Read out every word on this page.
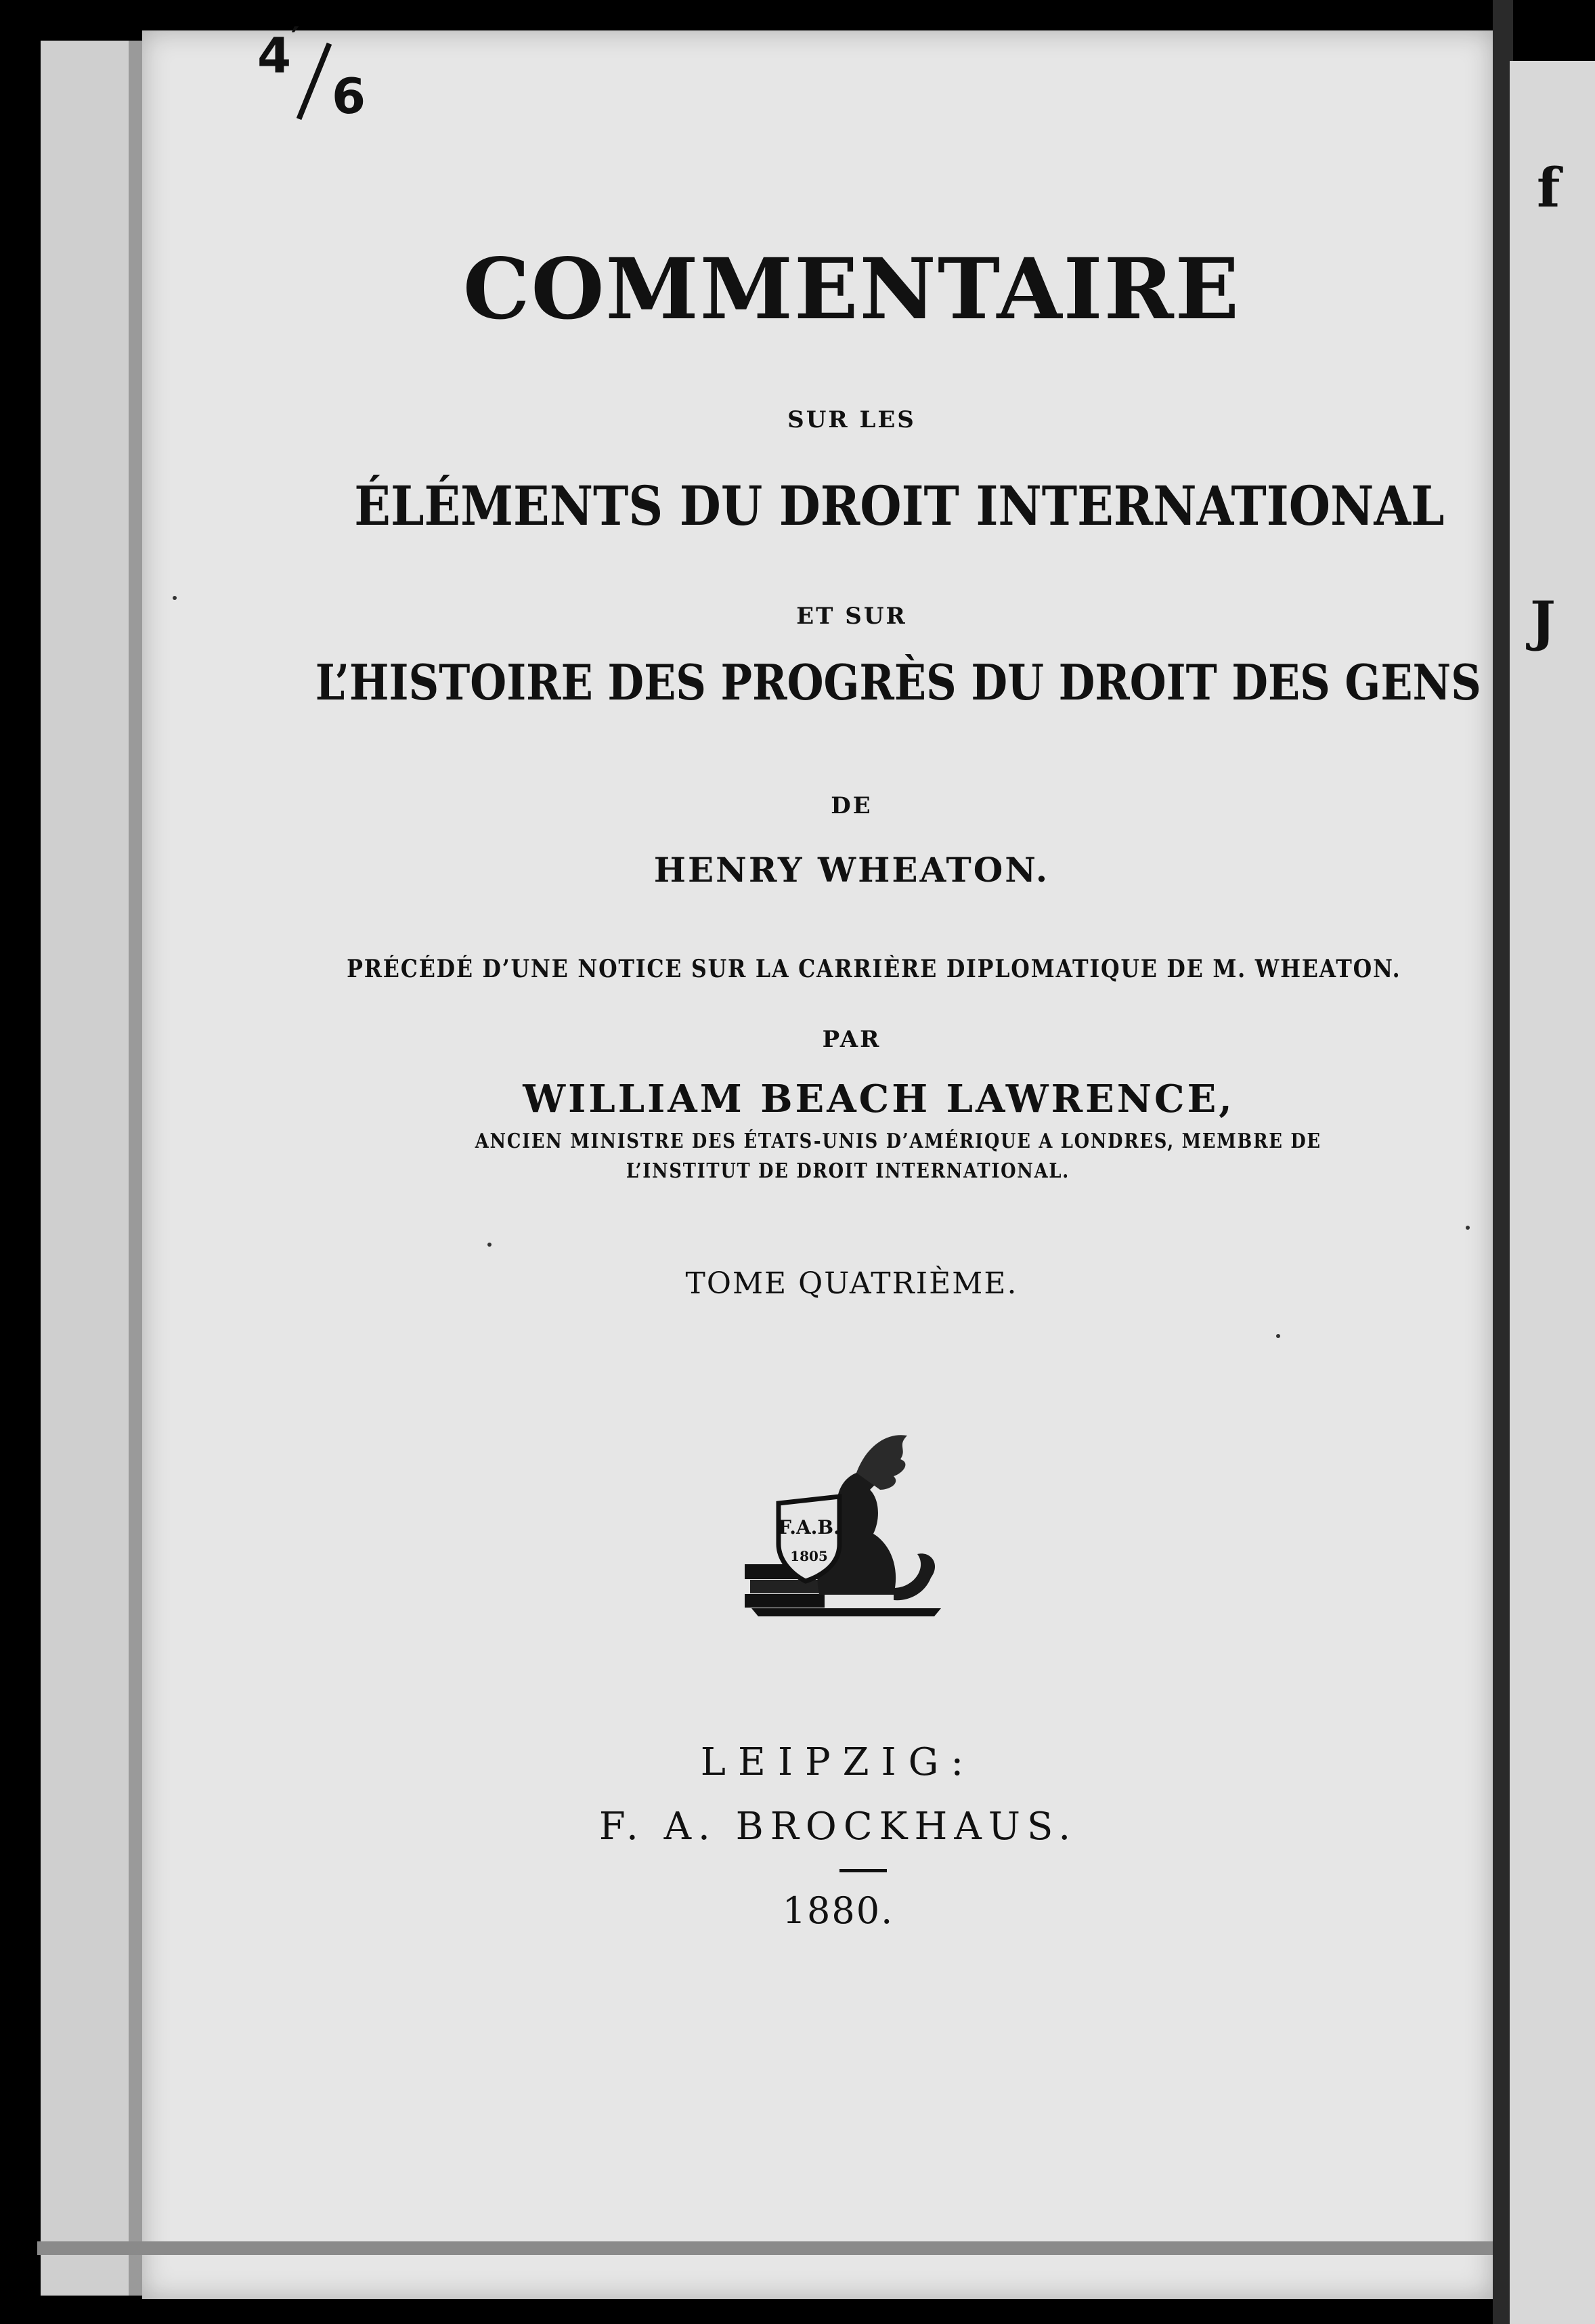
f
J
4 ′
6
COMMENTAIRE
SUR LES
ÉLÉMENTS DU DROIT INTERNATIONAL
ET SUR
L’HISTOIRE DES PROGRÈS DU DROIT DES GENS
DE
HENRY WHEATON.
PRÉCÉDÉ D’UNE NOTICE SUR LA CARRIÈRE DIPLOMATIQUE DE M. WHEATON.
PAR
WILLIAM BEACH LAWRENCE,
ANCIEN MINISTRE DES ÉTATS-UNIS D’AMÉRIQUE A LONDRES, MEMBRE DE
L’INSTITUT DE DROIT INTERNATIONAL.
TOME QUATRIÈME.
F.A.B.
1805
LEIPZIG:
F. A. BROCKHAUS.
1880.
